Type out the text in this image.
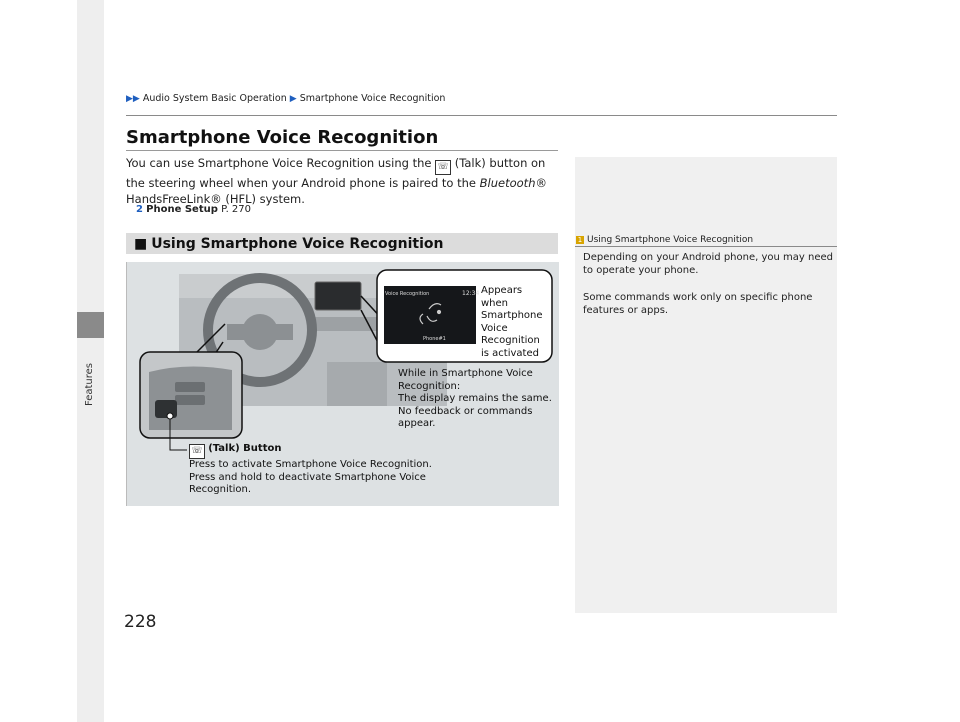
Features
▶▶ Audio System Basic Operation ▶ Smartphone Voice Recognition
Smartphone Voice Recognition
You can use Smartphone Voice Recognition using the ☏ (Talk) button on the steering wheel when your Android phone is paired to the Bluetooth® HandsFreeLink® (HFL) system.
2 Phone Setup P. 270
■ Using Smartphone Voice Recognition
Voice Recognition	12:34
Phone#1
Appears
when
Smartphone
Voice
Recognition
is activated
While in Smartphone Voice
Recognition:
The display remains the same.
No feedback or commands
appear.
☏ (Talk) Button
Press to activate Smartphone Voice Recognition.
Press and hold to deactivate Smartphone Voice
Recognition.
1 Using Smartphone Voice Recognition

Depending on your Android phone, you may need to operate your phone.

Some commands work only on specific phone features or apps.

228
